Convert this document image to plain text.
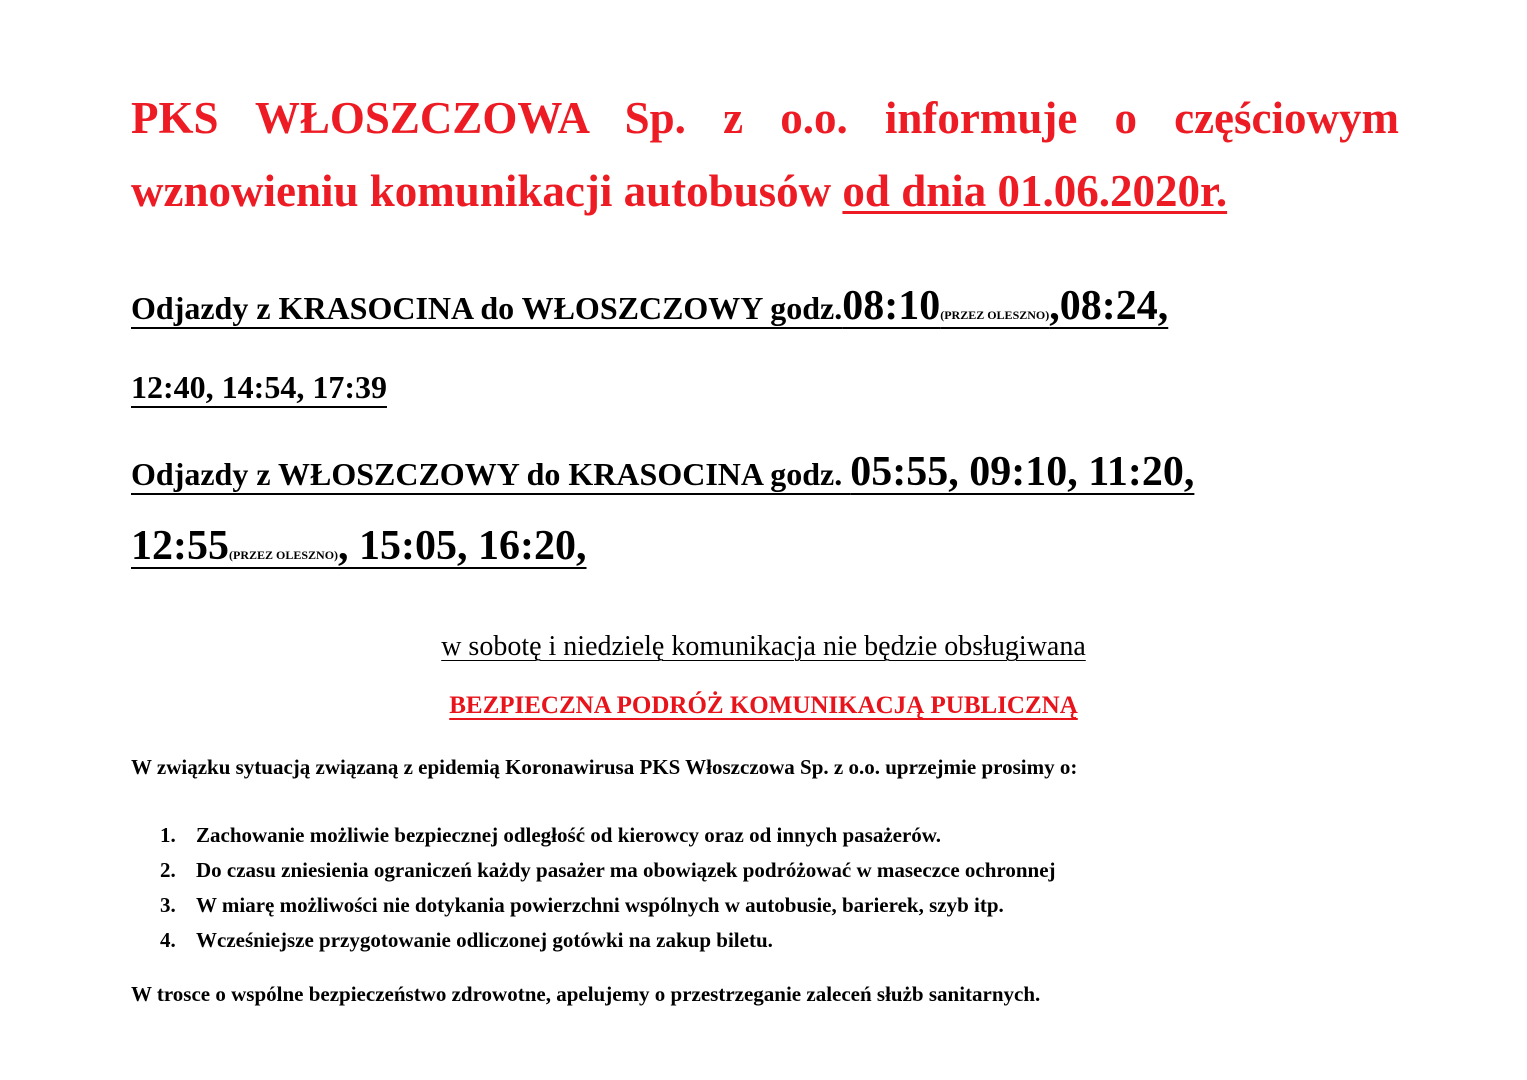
PKS WŁOSZCZOWA Sp. z o.o. informuje o częściowym wznowieniu komunikacji autobusów od dnia 01.06.2020r.
Odjazdy z KRASOCINA do WŁOSZCZOWY godz.08:10(PRZEZ OLESZNO),08:24,
12:40, 14:54, 17:39
Odjazdy z WŁOSZCZOWY do KRASOCINA godz. 05:55, 09:10, 11:20,
12:55(PRZEZ OLESZNO), 15:05, 16:20,
w sobotę i niedzielę komunikacja nie będzie obsługiwana
BEZPIECZNA PODRÓŻ KOMUNIKACJĄ PUBLICZNĄ
W związku sytuacją związaną z epidemią Koronawirusa PKS Włoszczowa Sp. z o.o. uprzejmie prosimy o:
1. Zachowanie możliwie bezpiecznej odległość od kierowcy oraz od innych pasażerów.
2. Do czasu zniesienia ograniczeń każdy pasażer ma obowiązek podróżować w maseczce ochronnej
3. W miarę możliwości nie dotykania powierzchni wspólnych w autobusie, barierek, szyb itp.
4. Wcześniejsze przygotowanie odliczonej gotówki na zakup biletu.
W trosce o wspólne bezpieczeństwo zdrowotne, apelujemy o przestrzeganie zaleceń służb sanitarnych.
